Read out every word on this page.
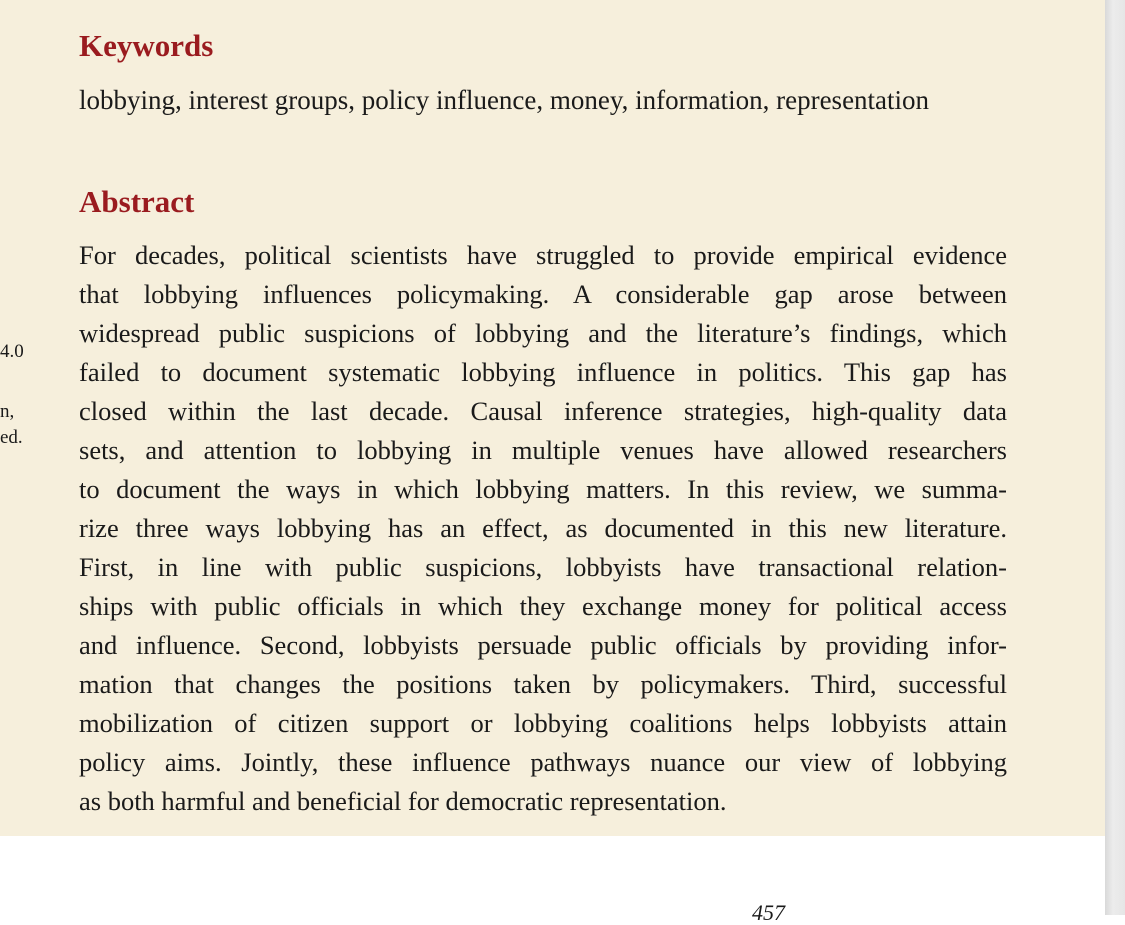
4.0
n,
ed.
Keywords

lobbying, interest groups, policy influence, money, information, representation

Abstract
For decades, political scientists have struggled to provide empirical evidence
that lobbying influences policymaking. A considerable gap arose between
widespread public suspicions of lobbying and the literature’s findings, which
failed to document systematic lobbying influence in politics. This gap has
closed within the last decade. Causal inference strategies, high-quality data
sets, and attention to lobbying in multiple venues have allowed researchers
to document the ways in which lobbying matters. In this review, we summa-
rize three ways lobbying has an effect, as documented in this new literature.
First, in line with public suspicions, lobbyists have transactional relation-
ships with public officials in which they exchange money for political access
and influence. Second, lobbyists persuade public officials by providing infor-
mation that changes the positions taken by policymakers. Third, successful
mobilization of citizen support or lobbying coalitions helps lobbyists attain
policy aims. Jointly, these influence pathways nuance our view of lobbying
as both harmful and beneficial for democratic representation.
457
